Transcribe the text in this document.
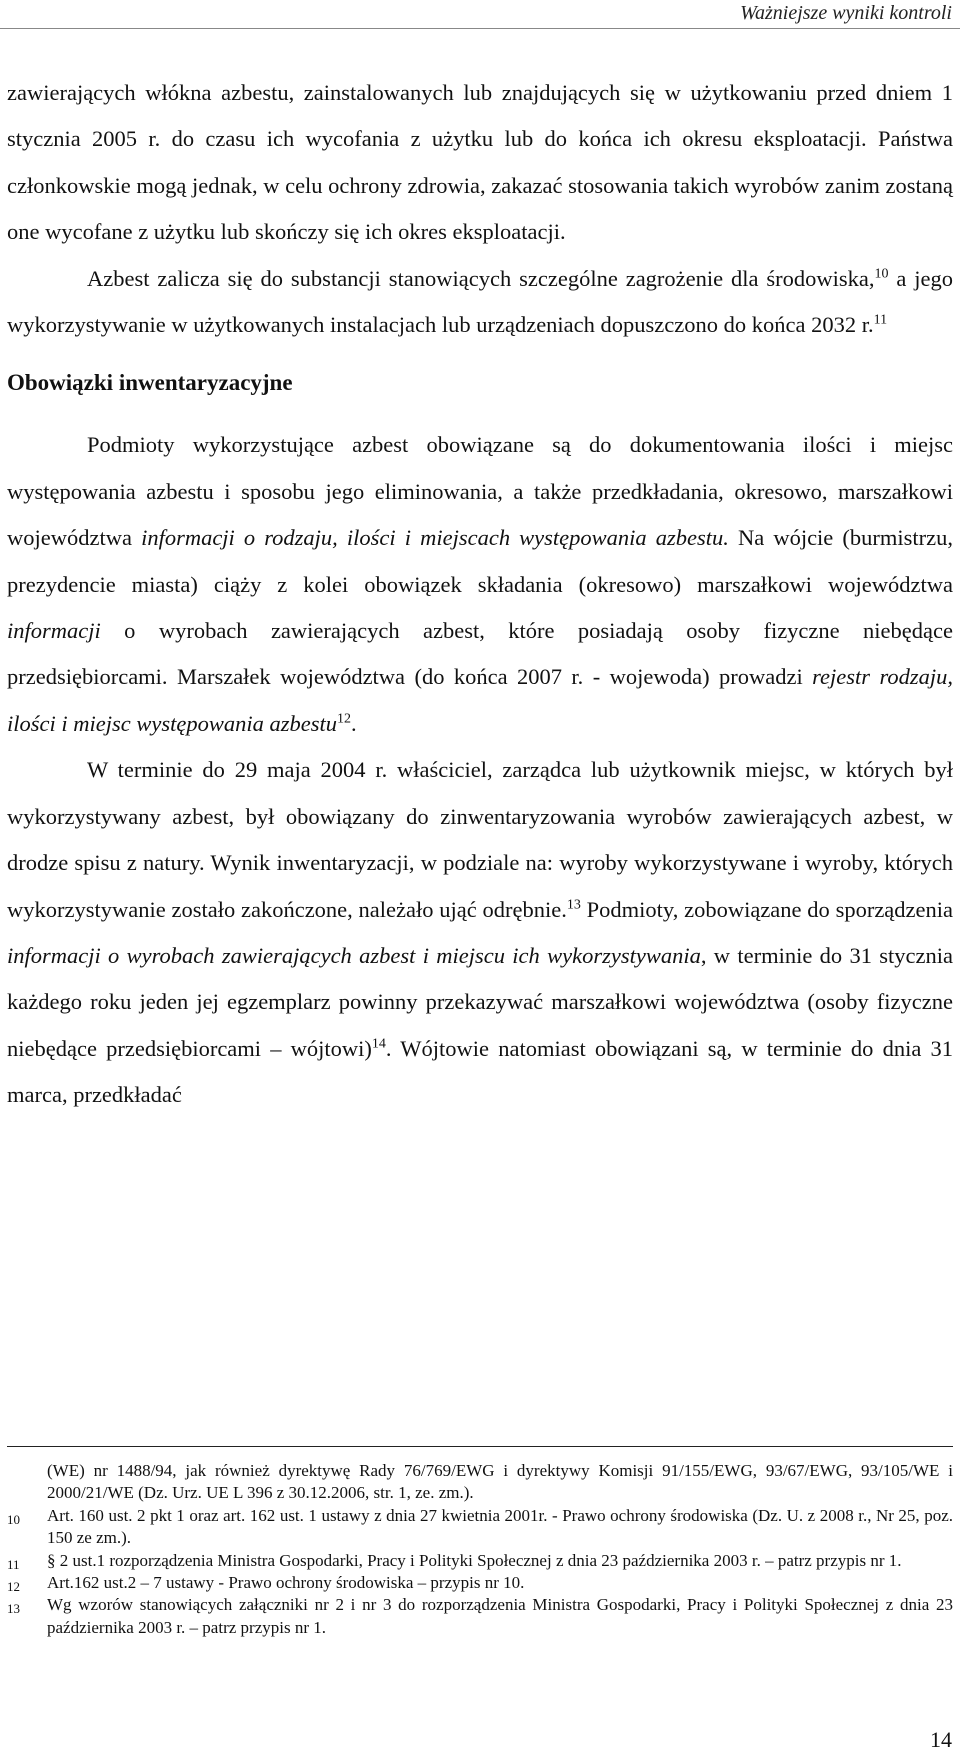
Ważniejsze wyniki kontroli

zawierających włókna azbestu, zainstalowanych lub znajdujących się w użytkowaniu przed dniem 1 stycznia 2005 r. do czasu ich wycofania z użytku lub do końca ich okresu eksploatacji. Państwa członkowskie mogą jednak, w celu ochrony zdrowia, zakazać stosowania takich wyrobów zanim zostaną one wycofane z użytku lub skończy się ich okres eksploatacji.

Azbest zalicza się do substancji stanowiących szczególne zagrożenie dla środowiska,$^{10}$ a jego wykorzystywanie w użytkowanych instalacjach lub urządzeniach dopuszczono do końca 2032 r.$^{11}$

Obowiązki inwentaryzacyjne

Podmioty wykorzystujące azbest obowiązane są do dokumentowania ilości i miejsc występowania azbestu i sposobu jego eliminowania, a także przedkładania, okresowo, marszałkowi województwa informacji o rodzaju, ilości i miejscach występowania azbestu. Na wójcie (burmistrzu, prezydencie miasta) ciąży z kolei obowiązek składania (okresowo) marszałkowi województwa informacji o wyrobach zawierających azbest, które posiadają osoby fizyczne niebędące przedsiębiorcami. Marszałek województwa (do końca 2007 r. - wojewoda) prowadzi rejestr rodzaju, ilości i miejsc występowania azbestu$^{12}$.

W terminie do 29 maja 2004 r. właściciel, zarządca lub użytkownik miejsc, w których był wykorzystywany azbest, był obowiązany do zinwentaryzowania wyrobów zawierających azbest, w drodze spisu z natury. Wynik inwentaryzacji, w podziale na: wyroby wykorzystywane i wyroby, których wykorzystywanie zostało zakończone, należało ująć odrębnie.$^{13}$ Podmioty, zobowiązane do sporządzenia informacji o wyrobach zawierających azbest i miejscu ich wykorzystywania, w terminie do 31 stycznia każdego roku jeden jej egzemplarz powinny przekazywać marszałkowi województwa (osoby fizyczne niebędące przedsiębiorcami – wójtowi)$^{14}$. Wójtowie natomiast obowiązani są, w terminie do dnia 31 marca, przedkładać

(WE) nr 1488/94, jak również dyrektywę Rady 76/769/EWG i dyrektywy Komisji 91/155/EWG, 93/67/EWG, 93/105/WE i 2000/21/WE (Dz. Urz. UE L 396 z 30.12.2006, str. 1, ze. zm.).
10 Art. 160 ust. 2 pkt 1 oraz art. 162 ust. 1 ustawy z dnia 27 kwietnia 2001r. - Prawo ochrony środowiska (Dz. U. z 2008 r., Nr 25, poz. 150 ze zm.).
11 § 2 ust.1 rozporządzenia Ministra Gospodarki, Pracy i Polityki Społecznej z dnia 23 października 2003 r. – patrz przypis nr 1.
12 Art.162 ust.2 – 7 ustawy - Prawo ochrony środowiska – przypis nr 10.
13 Wg wzorów stanowiących załączniki nr 2 i nr 3 do rozporządzenia Ministra Gospodarki, Pracy i Polityki Społecznej z dnia 23 października 2003 r. – patrz przypis nr 1.
14
